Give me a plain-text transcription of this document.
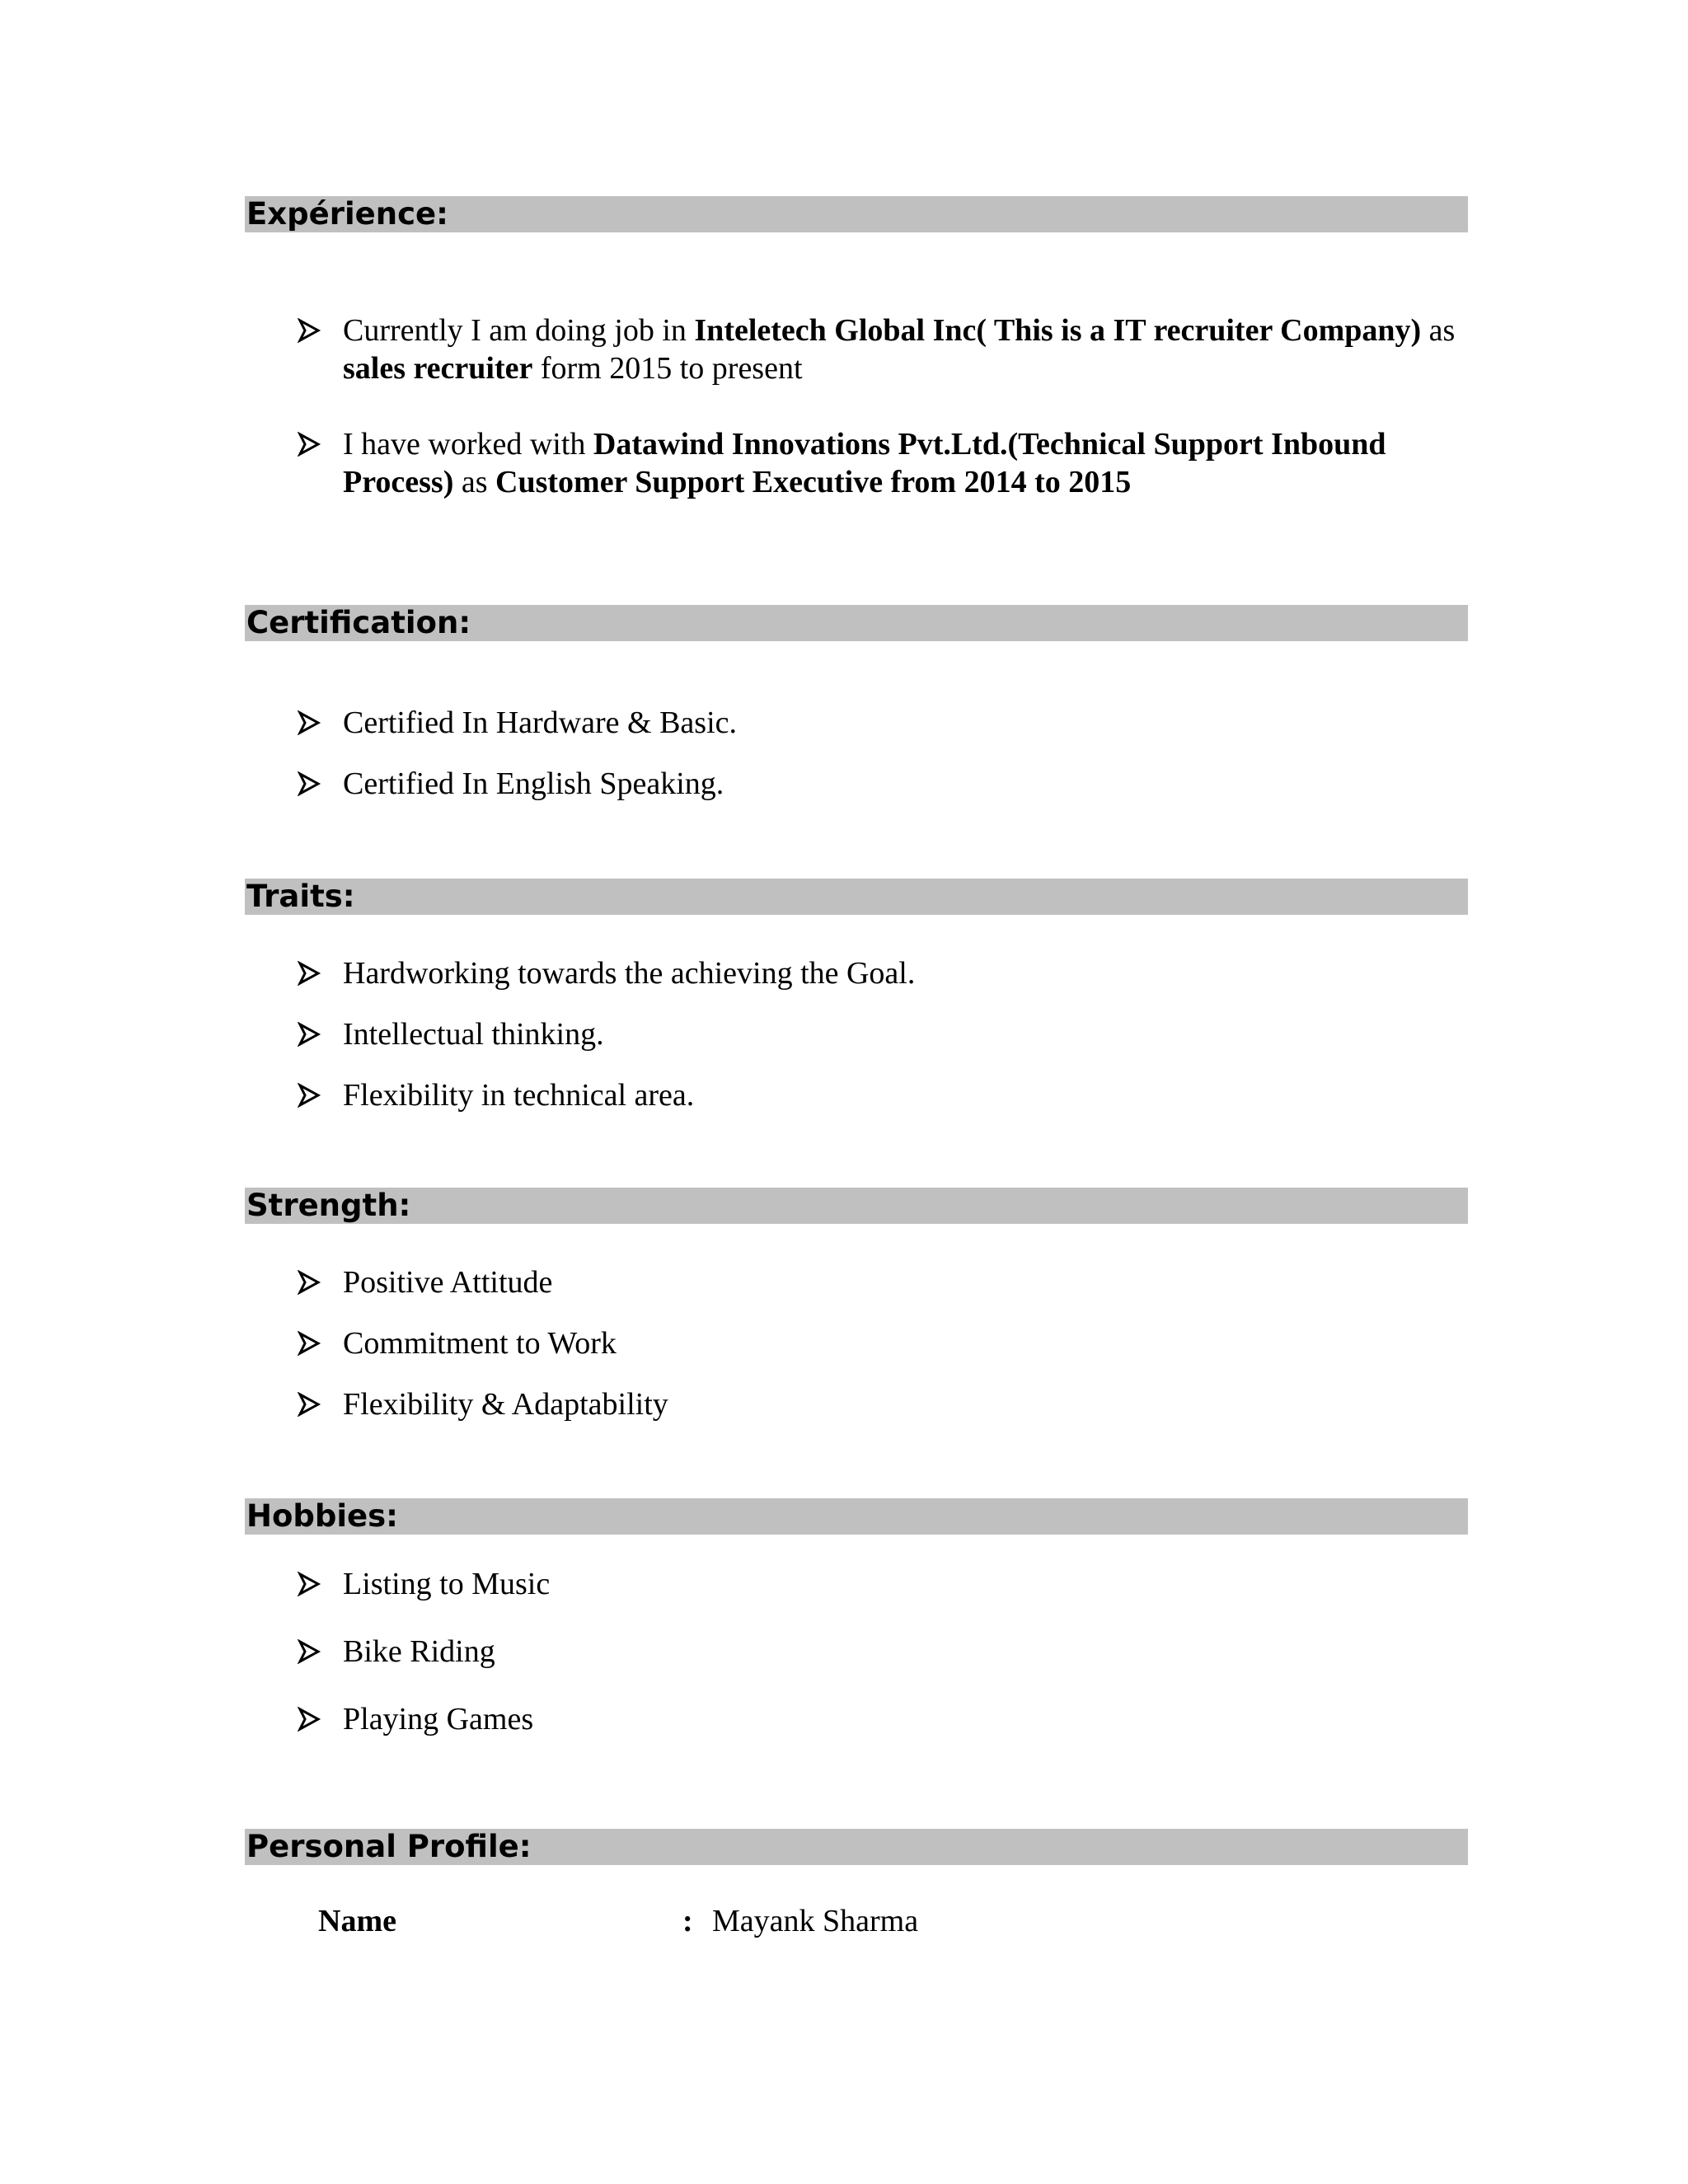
Expérience:
Currently I am doing job in Inteletech Global Inc( This is a IT recruiter Company) as sales recruiter form 2015 to present
I have worked with Datawind Innovations Pvt.Ltd.(Technical Support Inbound Process) as Customer Support Executive from 2014 to 2015
Certification:
Certified In Hardware & Basic.
Certified In English Speaking.
Traits:
Hardworking towards the achieving the Goal.
Intellectual thinking.
Flexibility in technical area.
Strength:
Positive Attitude
Commitment to Work
Flexibility & Adaptability
Hobbies:
Listing to Music
Bike Riding
Playing Games
Personal Profile:
Name	: Mayank Sharma
